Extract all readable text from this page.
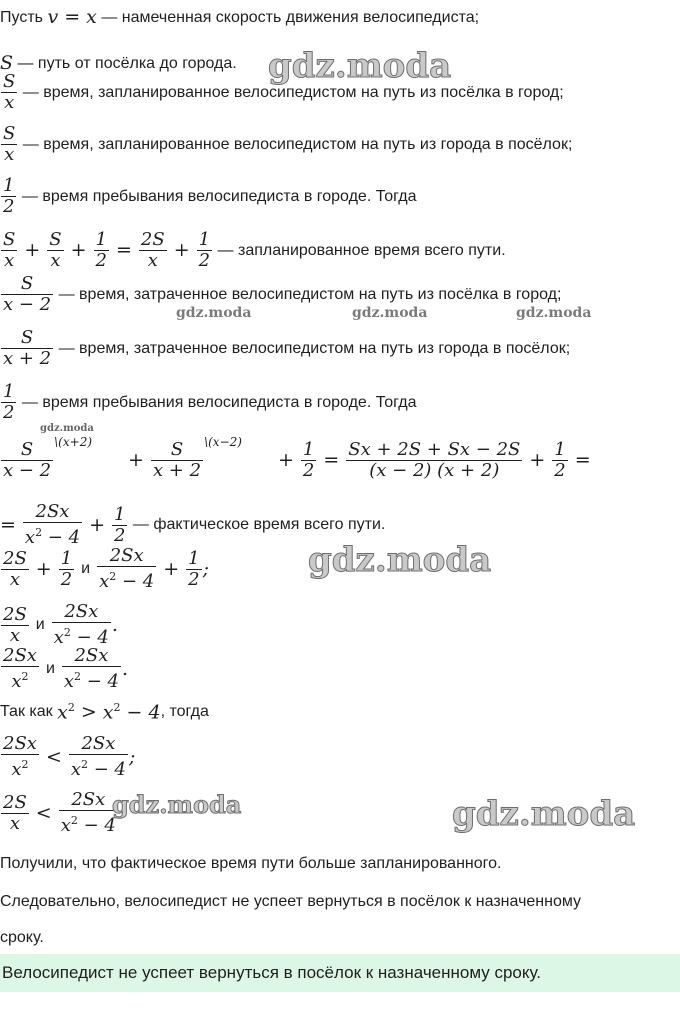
Пусть
v = x
— намеченная скорость движения велосипедиста;
S
— путь от посёлка до города. gdz.moda
$\frac{S}{x}$
— время, запланированное велосипедистом на путь из посёлка в город;
$\frac{S}{x}$
— время, запланированное велосипедистом на путь из города в посёлок;
$\frac{1}{2}$
— время пребывания велосипедиста в городе. Тогда
$\frac{S}{x} + \frac{S}{x} + \frac{1}{2} = \frac{2S}{x} + \frac{1}{2}$
— запланированное время всего пути.
$\frac{S}{x - 2}$
— время, затраченное велосипедистом на путь из посёлка в город;
gdz.moda	gdz.moda	gdz.moda
$\frac{S}{x + 2}$
— время, затраченное велосипедистом на путь из города в посёлок;
$\frac{1}{2}$
— время пребывания велосипедиста в городе. Тогда
gdz.moda
$\frac{S}{x - 2}$ \(x+2)
+ $\frac{S}{x + 2}$ \(x−2)
+ $\frac{1}{2} = \frac{Sx + 2S + Sx - 2S}{(x - 2) (x + 2)} + \frac{1}{2}$ =
= $\frac{2Sx}{x^2 - 4} + \frac{1}{2}$
— фактическое время всего пути.
$\frac{2S}{x} + \frac{1}{2}$ и $\frac{2Sx}{x^2 - 4} + \frac{1}{2}$ ;	gdz.moda
$\frac{2S}{x}$ и $\frac{2Sx}{x^2 - 4}$ .
$\frac{2Sx}{x^2}$ и $\frac{2Sx}{x^2 - 4}$ .
Так как
$x^2 > x^2 - 4$ , тогда
$\frac{2Sx}{x^2} < \frac{2Sx}{x^2 - 4}$ ;
$\frac{2S}{x} < \frac{2Sx}{x^2 - 4}$
gdz.moda	gdz.moda
Получили, что фактическое время пути больше запланированного.
Следовательно, велосипедист не успеет вернуться в посёлок к назначенному
сроку.
Велосипедист не успеет вернуться в посёлок к назначенному сроку.
